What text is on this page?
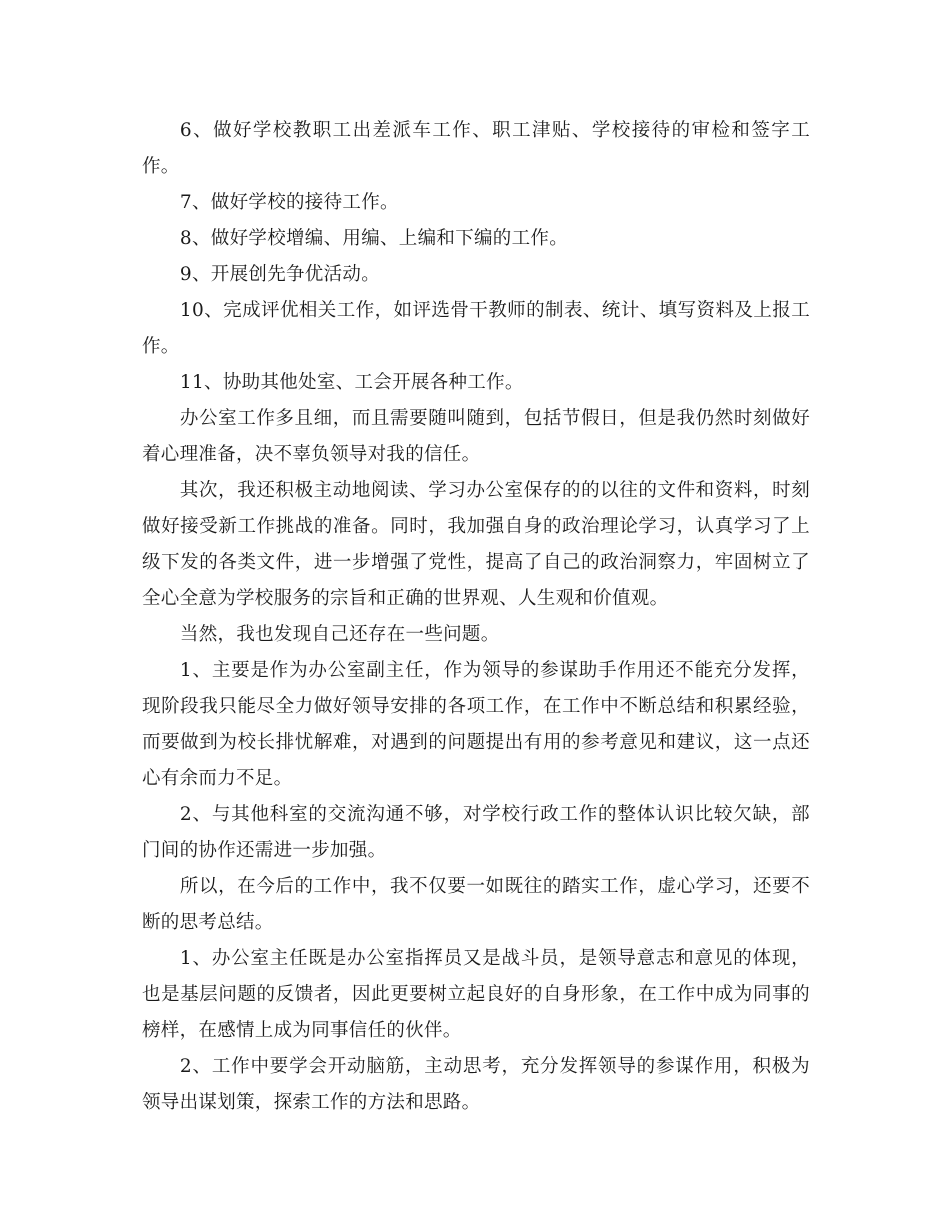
6、做好学校教职工出差派车工作、职工津贴、学校接待的审检和签字工作。

7、做好学校的接待工作。

8、做好学校增编、用编、上编和下编的工作。

9、开展创先争优活动。

10、完成评优相关工作，如评选骨干教师的制表、统计、填写资料及上报工作。

11、协助其他处室、工会开展各种工作。

办公室工作多且细，而且需要随叫随到，包括节假日，但是我仍然时刻做好着心理准备，决不辜负领导对我的信任。

其次，我还积极主动地阅读、学习办公室保存的的以往的文件和资料，时刻做好接受新工作挑战的准备。同时，我加强自身的政治理论学习，认真学习了上级下发的各类文件，进一步增强了党性，提高了自己的政治洞察力，牢固树立了全心全意为学校服务的宗旨和正确的世界观、人生观和价值观。

当然，我也发现自己还存在一些问题。

1、主要是作为办公室副主任，作为领导的参谋助手作用还不能充分发挥，现阶段我只能尽全力做好领导安排的各项工作，在工作中不断总结和积累经验，而要做到为校长排忧解难，对遇到的问题提出有用的参考意见和建议，这一点还心有余而力不足。

2、与其他科室的交流沟通不够，对学校行政工作的整体认识比较欠缺，部门间的协作还需进一步加强。

所以，在今后的工作中，我不仅要一如既往的踏实工作，虚心学习，还要不断的思考总结。

1、办公室主任既是办公室指挥员又是战斗员，是领导意志和意见的体现，也是基层问题的反馈者，因此更要树立起良好的自身形象，在工作中成为同事的榜样，在感情上成为同事信任的伙伴。

2、工作中要学会开动脑筋，主动思考，充分发挥领导的参谋作用，积极为领导出谋划策，探索工作的方法和思路。
